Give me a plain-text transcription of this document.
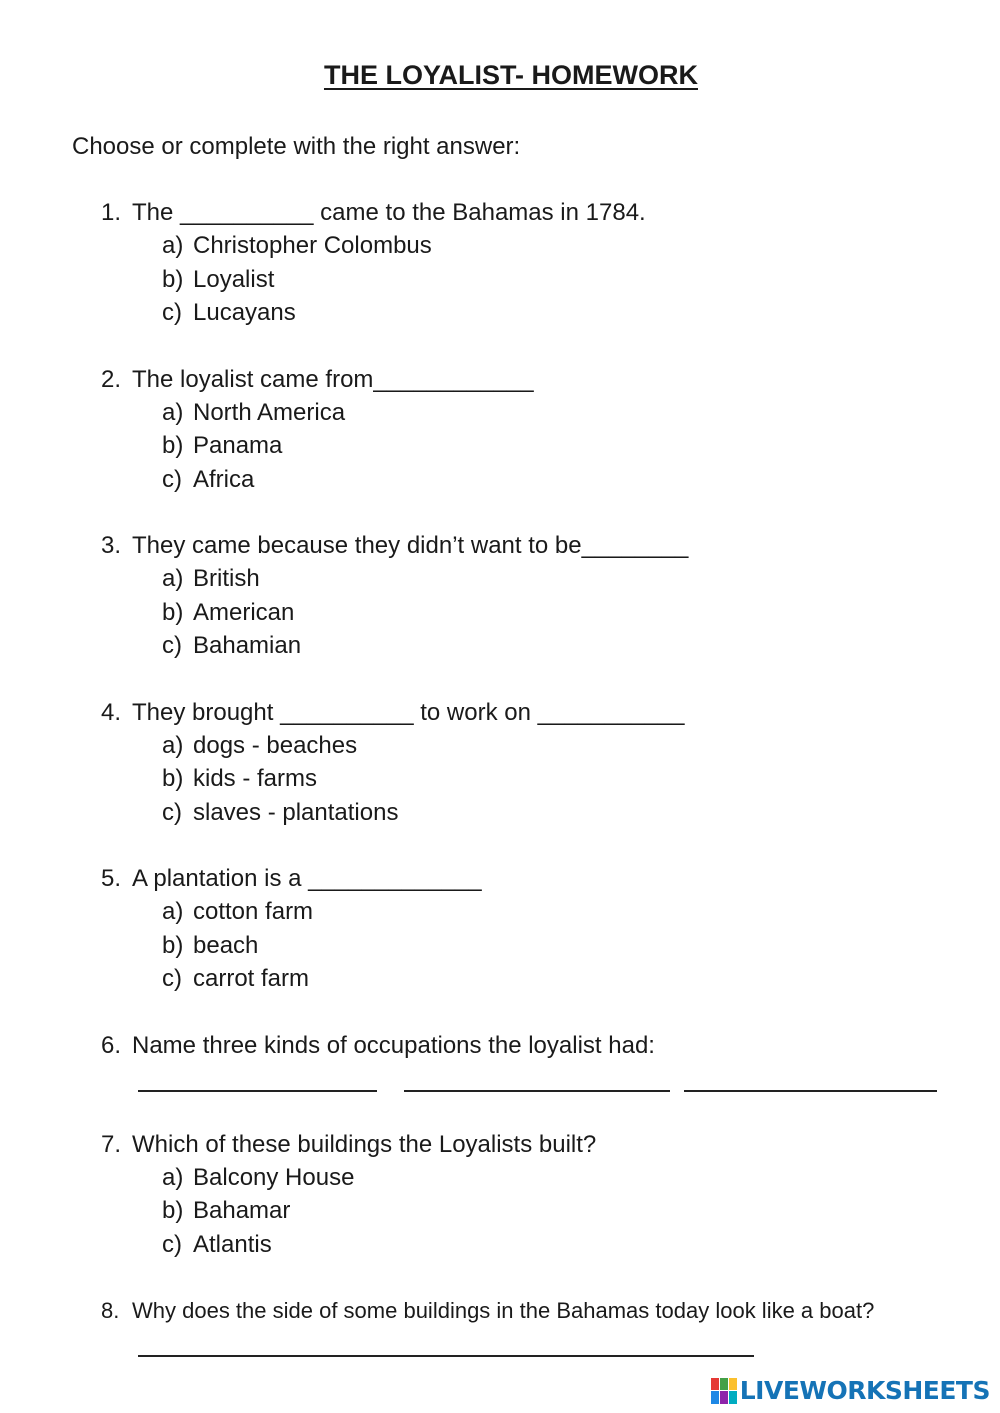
THE LOYALIST- HOMEWORK

Choose or complete with the right answer:

1. The __________ came to the Bahamas in 1784.
a) Christopher Colombus
b) Loyalist
c) Lucayans
2. The loyalist came from____________
a) North America
b) Panama
c) Africa
3. They came because they didn’t want to be________
a) British
b) American
c) Bahamian
4. They brought __________ to work on ___________
a) dogs - beaches
b) kids - farms
c) slaves - plantations
5. A plantation is a _____________
a) cotton farm
b) beach
c) carrot farm
6. Name three kinds of occupations the loyalist had:
7. Which of these buildings the Loyalists built?
a) Balcony House
b) Bahamar
c) Atlantis
8. Why does the side of some buildings in the Bahamas today look like a boat?
LIVEWORKSHEETS
